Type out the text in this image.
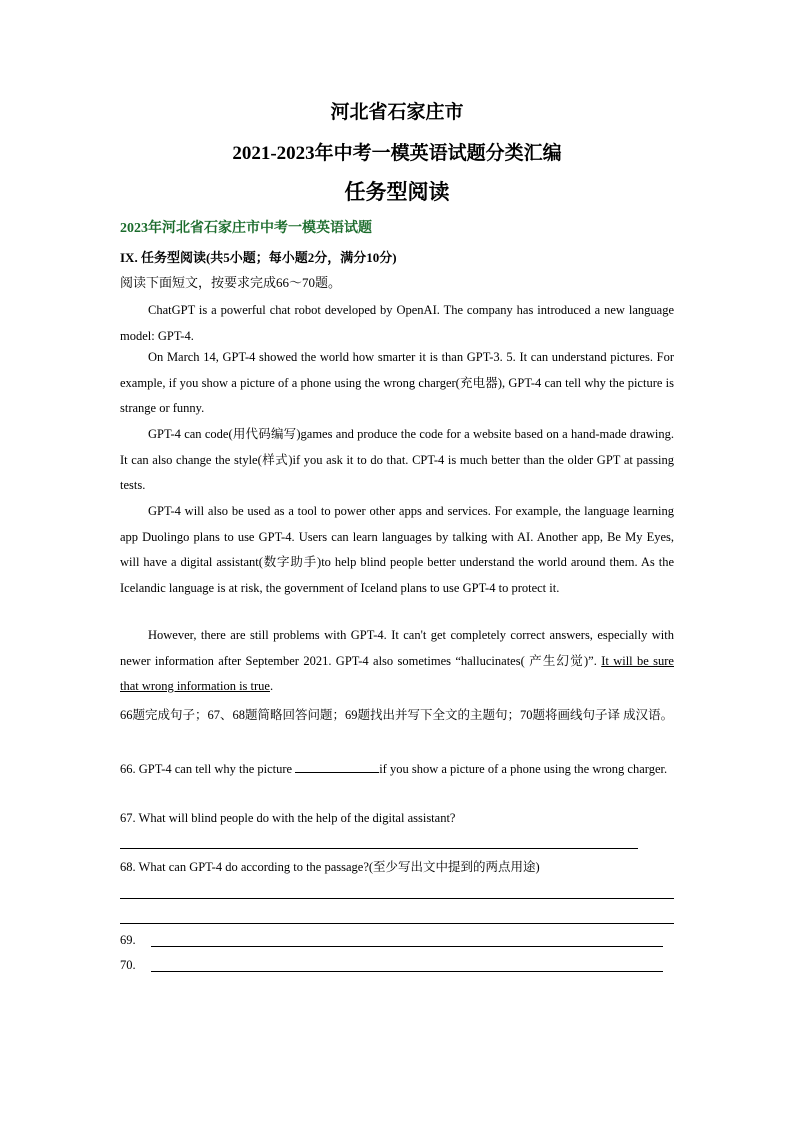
河北省石家庄市
2021-2023年中考一模英语试题分类汇编
任务型阅读
2023年河北省石家庄市中考一模英语试题
IX. 任务型阅读(共5小题；每小题2分，满分10分)
阅读下面短文，按要求完成66～70题。
ChatGPT is a powerful chat robot developed by OpenAI. The company has introduced a new language model: GPT-4.
On March 14, GPT-4 showed the world how smarter it is than GPT-3. 5. It can understand pictures. For example, if you show a picture of a phone using the wrong charger(充电器), GPT-4 can tell why the picture is strange or funny.
GPT-4 can code(用代码编写)games and produce the code for a website based on a hand-made drawing. It can also change the style(样式)if you ask it to do that. CPT-4 is much better than the older GPT at passing tests.
GPT-4 will also be used as a tool to power other apps and services. For example, the language learning app Duolingo plans to use GPT-4. Users can learn languages by talking with AI. Another app, Be My Eyes, will have a digital assistant(数字助手)to help blind people better understand the world around them. As the Icelandic language is at risk, the government of Iceland plans to use GPT-4 to protect it.
However, there are still problems with GPT-4. It can't get completely correct answers, especially with newer information after September 2021. GPT-4 also sometimes “hallucinates( 产生幻觉)”. It will be sure that wrong information is true.
66题完成句子；67、68题简略回答问题；69题找出并写下全文的主题句；70题将画线句子译 成汉语。
66. GPT-4 can tell why the picture	if you show a picture of a phone using the wrong charger.
67. What will blind people do with the help of the digital assistant?
68. What can GPT-4 do according to the passage?(至少写出文中提到的两点用途)
69.
70.
